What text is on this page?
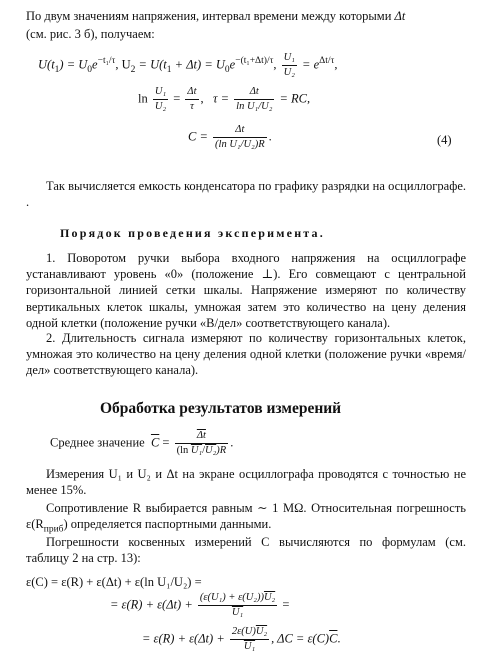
По двум значениям напряжения, интервал времени между которыми Δt
(см. рис. 3 б), получаем:
$U(t_1) = U_0e^{-t_1/\tau}$, $U_2 = U(t_1 + \Delta t) = U_0e^{-(t_1+\Delta t)/\tau}$, $\frac{\text{U₁}}{\text{U₂}} = e^{\Delta t/\tau}$,
$\ln \frac{\text{U₁}}{\text{U₂}} = \frac{\Delta t}{\tau}$ , $\tau = \frac{\Delta t}{\text{ln U₁/U₂}}$ = RC,
$C = \frac{\Delta t}{\text{(ln U₁/U₂)R}}$ .	(4)
Так вычисляется емкость конденсатора по графику разрядки на осциллографе. .
Порядок проведения эксперимента.
1. Поворотом ручки выбора входного напряжения на осциллографе устанавливают уровень «0» (положение ⊥). Его совмещают с центральной горизонтальной линией сетки шкалы. Напряжение измеряют по количеству вертикальных клеток шкалы, умножая затем это количество на цену деления одной клетки (положение ручки «В/дел» соответствующего канала).
2. Длительность сигнала измеряют по количеству горизонтальных клеток, умножая это количество на цену деления одной клетки (положение ручки «время/дел» соответствующего канала).
Обработка результатов измерений
Среднее значение $\overline{C} = \frac{\overline{\Delta t}}{\text{(ln U₁/U₂)R}}$ .
Измерения U₁ и U₂ и Δt на экране осциллографа проводятся с точностью не менее 15%.
Сопротивление R выбирается равным ∼ 1 MΩ. Относительная погрешность $\varepsilon(R_{приб})$ определяется паспортными данными.
Погрешности косвенных измерений C вычисляются по формулам (см. таблицу 2 на стр. 13):
ε(C) = ε(R) + ε(Δt) + ε(ln U₁/U₂) =
= $\varepsilon(R) + \varepsilon(\Delta t) + \frac{\text{(ε(U₁) + ε(U₂))U₂}}{\text{U₁}}$ =
= $\varepsilon(R) + \varepsilon(\Delta t) + \frac{\text{2ε(U)U₂}}{\text{U₁}}$ , $\Delta C = \varepsilon(C)\overline{C}$.
